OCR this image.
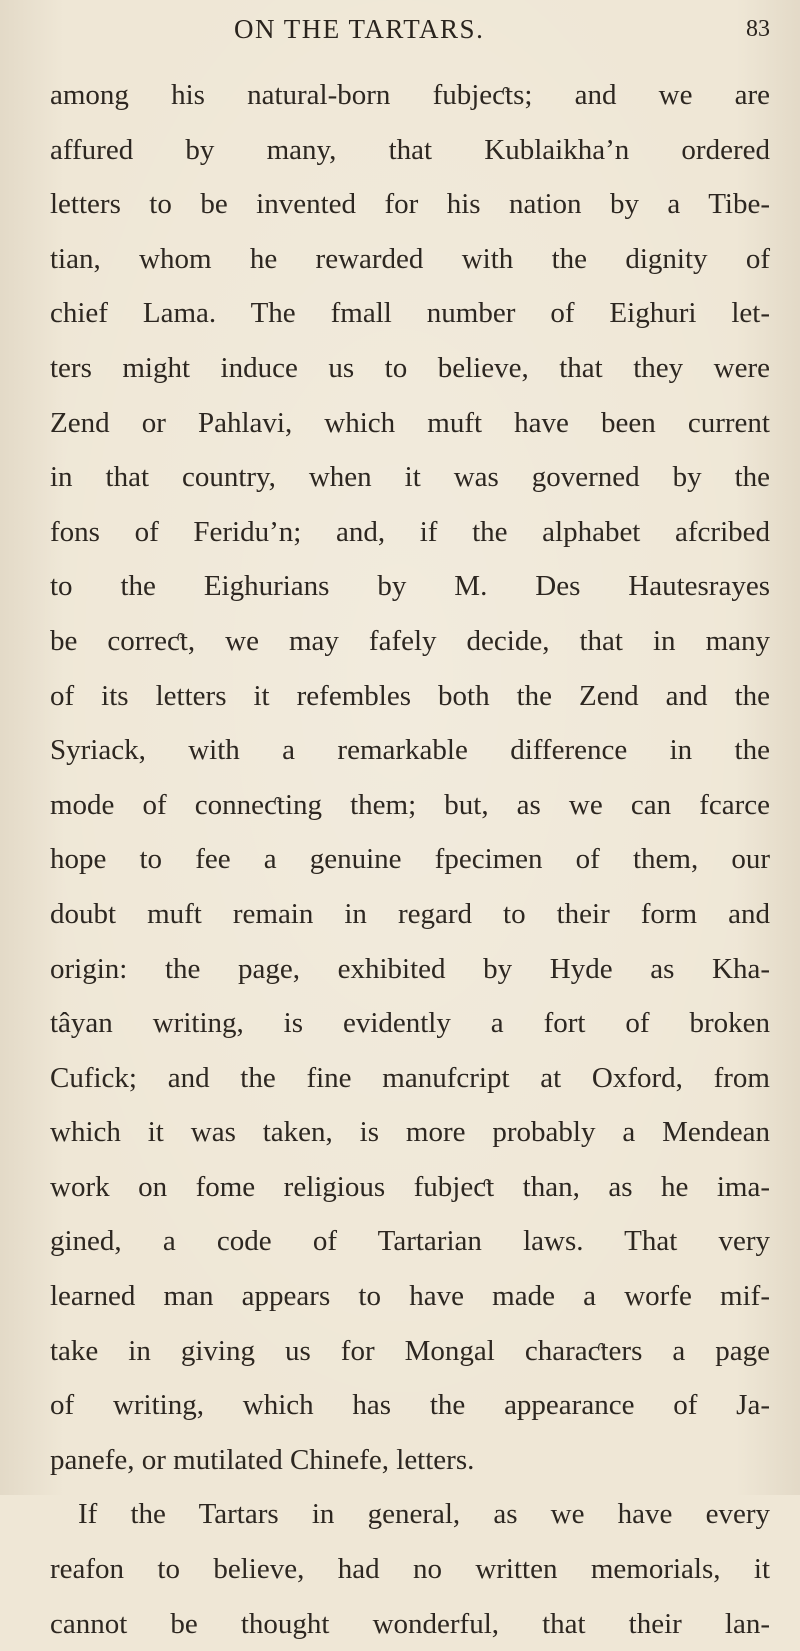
ON THE TARTARS.	83
among his natural-born fubjeƈts; and we are
affured by many, that Kublaikha’n ordered
letters to be invented for his nation by a Tibe-
tian, whom he rewarded with the dignity of
chief Lama. The fmall number of Eighuri let-
ters might induce us to believe, that they were
Zend or Pahlavi, which muft have been current
in that country, when it was governed by the
fons of Feridu’n; and, if the alphabet afcribed
to the Eighurians by M. Des Hautesrayes
be correƈt, we may fafely decide, that in many
of its letters it refembles both the Zend and the
Syriack, with a remarkable difference in the
mode of conneƈting them; but, as we can fcarce
hope to fee a genuine fpecimen of them, our
doubt muft remain in regard to their form and
origin: the page, exhibited by Hyde as Kha-
tâyan writing, is evidently a fort of broken
Cufick; and the fine manufcript at Oxford, from
which it was taken, is more probably a Mendean
work on fome religious fubjeƈt than, as he ima-
gined, a code of Tartarian laws. That very
learned man appears to have made a worfe mif-
take in giving us for Mongal charaƈters a page
of writing, which has the appearance of Ja-
panefe, or mutilated Chinefe, letters.
If the Tartars in general, as we have every
reafon to believe, had no written memorials, it
cannot be thought wonderful, that their lan-
